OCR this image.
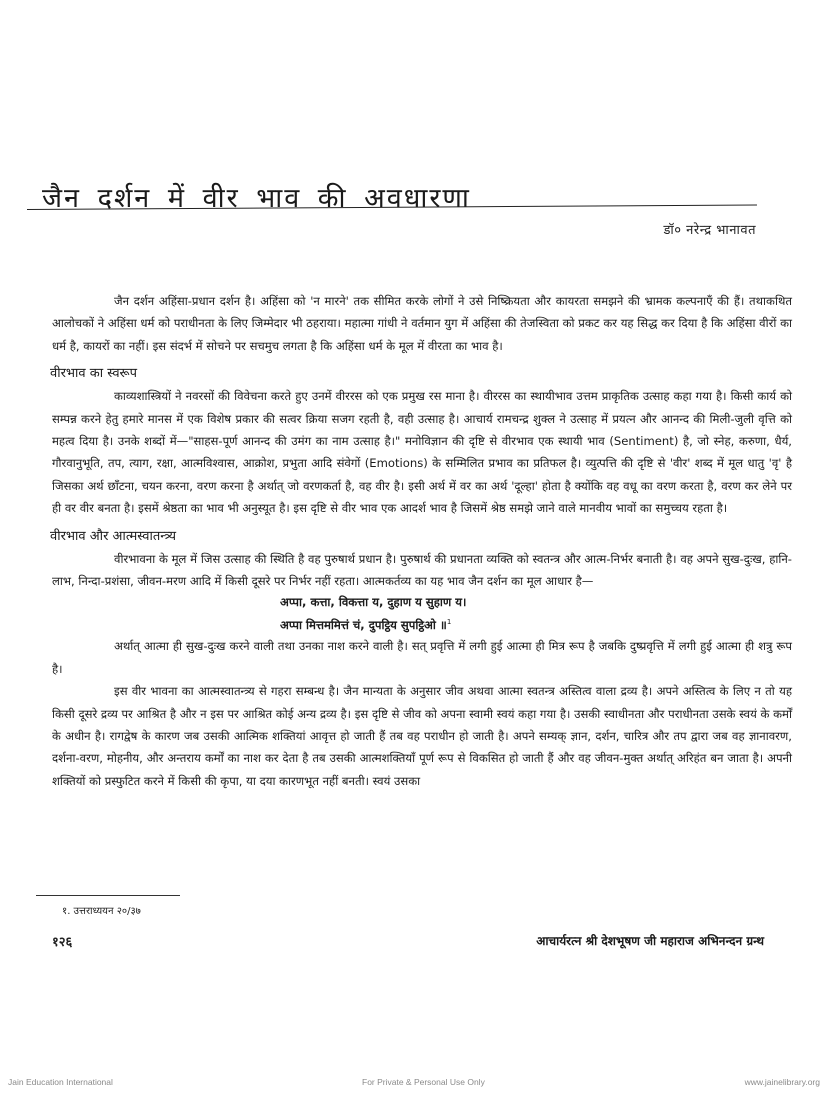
जैन दर्शन में वीर भाव की अवधारणा
डॉ० नरेन्द्र भानावत

जैन दर्शन अहिंसा-प्रधान दर्शन है। अहिंसा को 'न मारने' तक सीमित करके लोगों ने उसे निष्क्रियता और कायरता समझने की भ्रामक कल्पनाएँ की हैं। तथाकथित आलोचकों ने अहिंसा धर्म को पराधीनता के लिए जिम्मेदार भी ठहराया। महात्मा गांधी ने वर्तमान युग में अहिंसा की तेजस्विता को प्रकट कर यह सिद्ध कर दिया है कि अहिंसा वीरों का धर्म है, कायरों का नहीं। इस संदर्भ में सोचने पर सचमुच लगता है कि अहिंसा धर्म के मूल में वीरता का भाव है।

वीरभाव का स्वरूप

काव्यशास्त्रियों ने नवरसों की विवेचना करते हुए उनमें वीररस को एक प्रमुख रस माना है। वीररस का स्थायीभाव उत्तम प्राकृतिक उत्साह कहा गया है। किसी कार्य को सम्पन्न करने हेतु हमारे मानस में एक विशेष प्रकार की सत्वर क्रिया सजग रहती है, वही उत्साह है। आचार्य रामचन्द्र शुक्ल ने उत्साह में प्रयत्न और आनन्द की मिली-जुली वृत्ति को महत्व दिया है। उनके शब्दों में—"साहस-पूर्ण आनन्द की उमंग का नाम उत्साह है।" मनोविज्ञान की दृष्टि से वीरभाव एक स्थायी भाव (Sentiment) है, जो स्नेह, करुणा, धैर्य, गौरवानुभूति, तप, त्याग, रक्षा, आत्मविश्वास, आक्रोश, प्रभुता आदि संवेगों (Emotions) के सम्मिलित प्रभाव का प्रतिफल है। व्युत्पत्ति की दृष्टि से 'वीर' शब्द में मूल धातु 'वृ' है जिसका अर्थ छाँटना, चयन करना, वरण करना है अर्थात् जो वरणकर्ता है, वह वीर है। इसी अर्थ में वर का अर्थ 'दूल्हा' होता है क्योंकि वह वधू का वरण करता है, वरण कर लेने पर ही वर वीर बनता है। इसमें श्रेष्ठता का भाव भी अनुस्यूत है। इस दृष्टि से वीर भाव एक आदर्श भाव है जिसमें श्रेष्ठ समझे जाने वाले मानवीय भावों का समुच्चय रहता है।

वीरभाव और आत्मस्वातन्त्र्य

वीरभावना के मूल में जिस उत्साह की स्थिति है वह पुरुषार्थ प्रधान है। पुरुषार्थ की प्रधानता व्यक्ति को स्वतन्त्र और आत्म-निर्भर बनाती है। वह अपने सुख-दुःख, हानि-लाभ, निन्दा-प्रशंसा, जीवन-मरण आदि में किसी दूसरे पर निर्भर नहीं रहता। आत्मकर्तव्य का यह भाव जैन दर्शन का मूल आधार है—

अप्पा, कत्ता, विकत्ता य, दुहाण य सुहाण य।
अप्पा मित्तममित्तं चं, दुपट्ठिय सुपट्ठिओ ॥$^1$

अर्थात् आत्मा ही सुख-दुःख करने वाली तथा उनका नाश करने वाली है। सत् प्रवृत्ति में लगी हुई आत्मा ही मित्र रूप है जबकि दुष्प्रवृत्ति में लगी हुई आत्मा ही शत्रु रूप है।

इस वीर भावना का आत्मस्वातन्त्र्य से गहरा सम्बन्ध है। जैन मान्यता के अनुसार जीव अथवा आत्मा स्वतन्त्र अस्तित्व वाला द्रव्य है। अपने अस्तित्व के लिए न तो यह किसी दूसरे द्रव्य पर आश्रित है और न इस पर आश्रित कोई अन्य द्रव्य है। इस दृष्टि से जीव को अपना स्वामी स्वयं कहा गया है। उसकी स्वाधीनता और पराधीनता उसके स्वयं के कर्मों के अधीन है। रागद्वेष के कारण जब उसकी आत्मिक शक्तियां आवृत्त हो जाती हैं तब वह पराधीन हो जाती है। अपने सम्यक् ज्ञान, दर्शन, चारित्र और तप द्वारा जब वह ज्ञानावरण, दर्शना-वरण, मोहनीय, और अन्तराय कर्मों का नाश कर देता है तब उसकी आत्मशक्तियाँ पूर्ण रूप से विकसित हो जाती हैं और वह जीवन-मुक्त अर्थात् अरिहंत बन जाता है। अपनी शक्तियों को प्रस्फुटित करने में किसी की कृपा, या दया कारणभूत नहीं बनती। स्वयं उसका

१. उत्तराध्ययन २०/३७
१२६	आचार्यरत्न श्री देशभूषण जी महाराज अभिनन्दन ग्रन्थ
Jain Education International	For Private & Personal Use Only	www.jainelibrary.org
